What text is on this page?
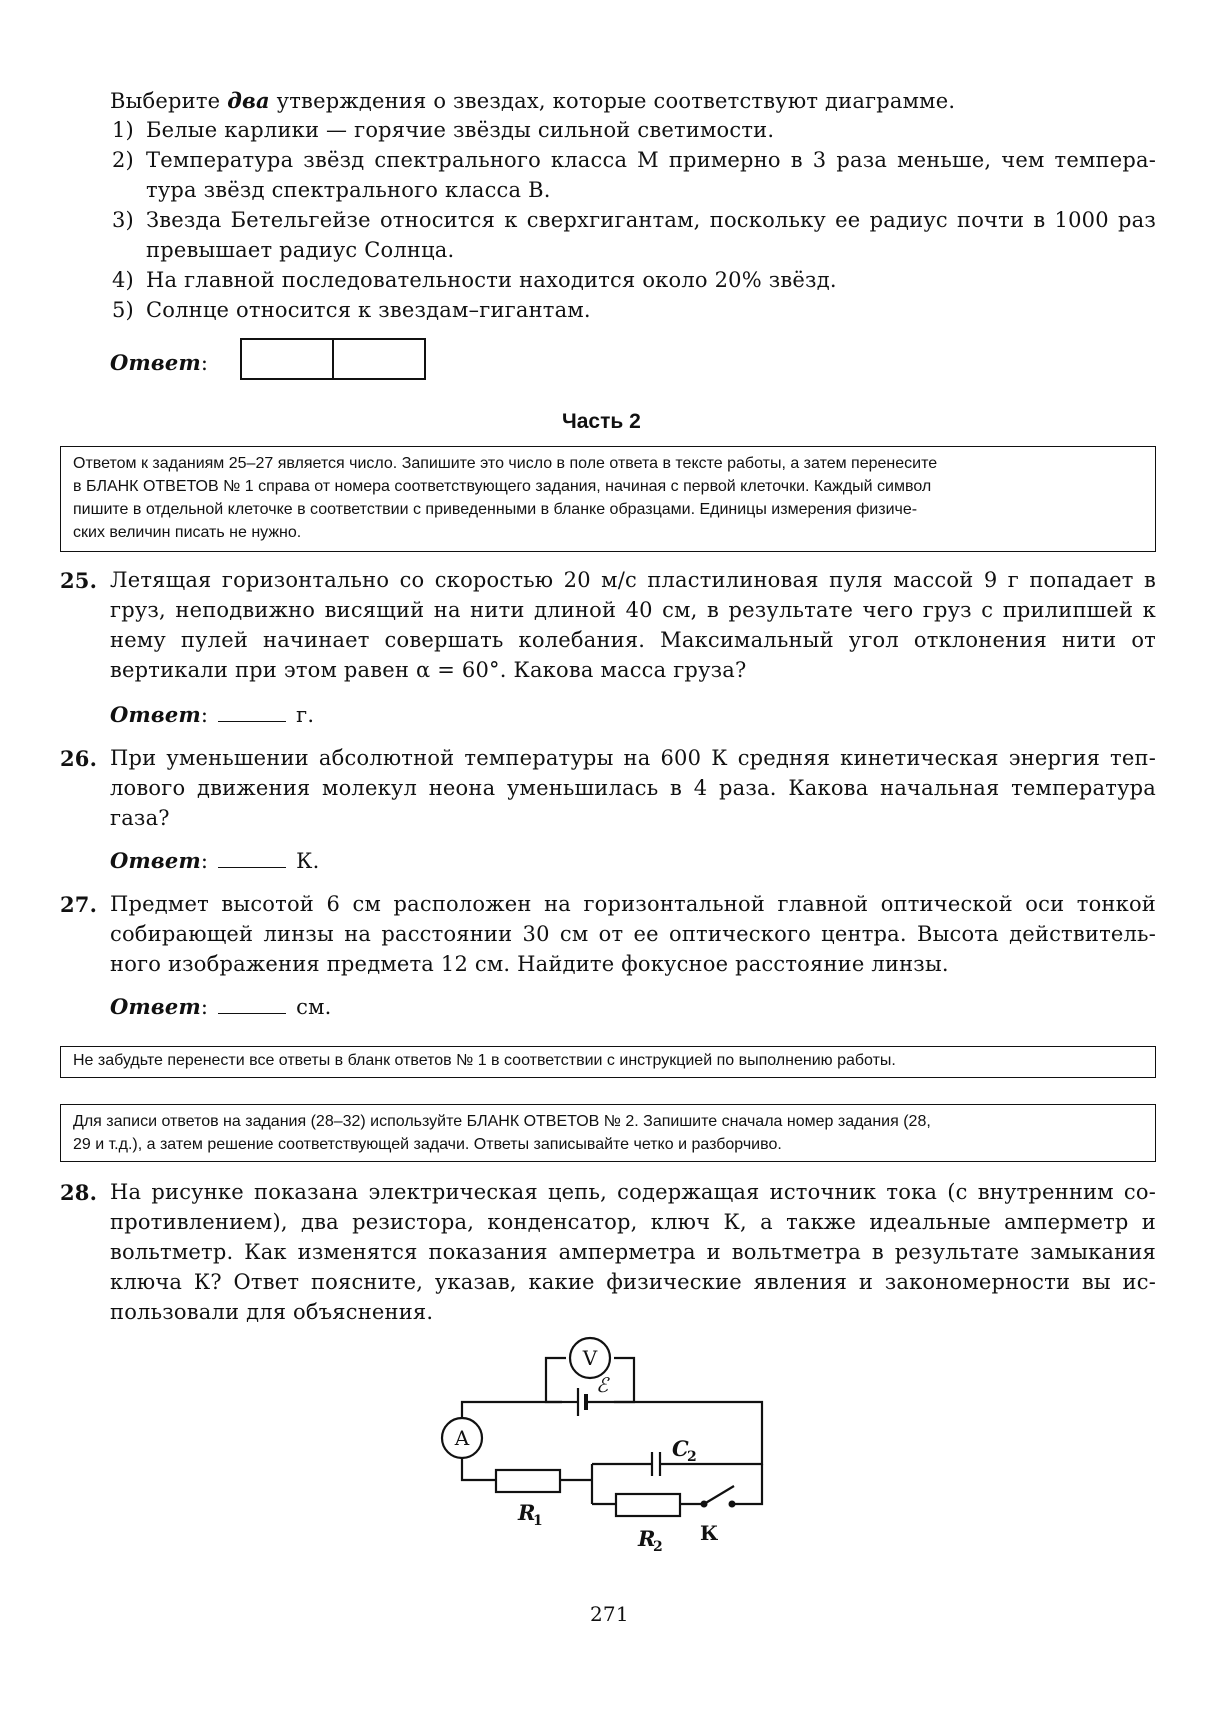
Выберите два утверждения о звездах, которые соответствуют диаграмме.
1) Белые карлики — горячие звёзды сильной светимости.
2) Температура звёзд спектрального класса М примерно в 3 раза меньше, чем темпера-
тура звёзд спектрального класса В.
3) Звезда Бетельгейзе относится к сверхгигантам, поскольку ее радиус почти в 1000 раз
превышает радиус Солнца.
4) На главной последовательности находится около 20% звёзд.
5) Солнце относится к звездам–гигантам.
Ответ:
Часть 2
Ответом к заданиям 25–27 является число. Запишите это число в поле ответа в тексте работы, а затем перенесите
в БЛАНК ОТВЕТОВ № 1 справа от номера соответствующего задания, начиная с первой клеточки. Каждый символ
пишите в отдельной клеточке в соответствии с приведенными в бланке образцами. Единицы измерения физиче-
ских величин писать не нужно.
25. Летящая горизонтально со скоростью 20 м/с пластилиновая пуля массой 9 г попадает в
груз, неподвижно висящий на нити длиной 40 см, в результате чего груз с прилипшей к
нему пулей начинает совершать колебания. Максимальный угол отклонения нити от
вертикали при этом равен α = 60°. Какова масса груза?
Ответ:	г.
26. При уменьшении абсолютной температуры на 600 К средняя кинетическая энергия теп-
лового движения молекул неона уменьшилась в 4 раза. Какова начальная температура
газа?
Ответ:	К.
27. Предмет высотой 6 см расположен на горизонтальной главной оптической оси тонкой
собирающей линзы на расстоянии 30 см от ее оптического центра. Высота действитель-
ного изображения предмета 12 см. Найдите фокусное расстояние линзы.
Ответ:	см.
Не забудьте перенести все ответы в бланк ответов № 1 в соответствии с инструкцией по выполнению работы.
Для записи ответов на задания (28–32) используйте БЛАНК ОТВЕТОВ № 2. Запишите сначала номер задания (28,
29 и т.д.), а затем решение соответствующей задачи. Ответы записывайте четко и разборчиво.
28. На рисунке показана электрическая цепь, содержащая источник тока (с внутренним со-
противлением), два резистора, конденсатор, ключ К, а также идеальные амперметр и
вольтметр. Как изменятся показания амперметра и вольтметра в результате замыкания
ключа К? Ответ поясните, указав, какие физические явления и закономерности вы ис-
пользовали для объяснения.
V
A
ℰ
C
2
R
1
R
2
К
271
